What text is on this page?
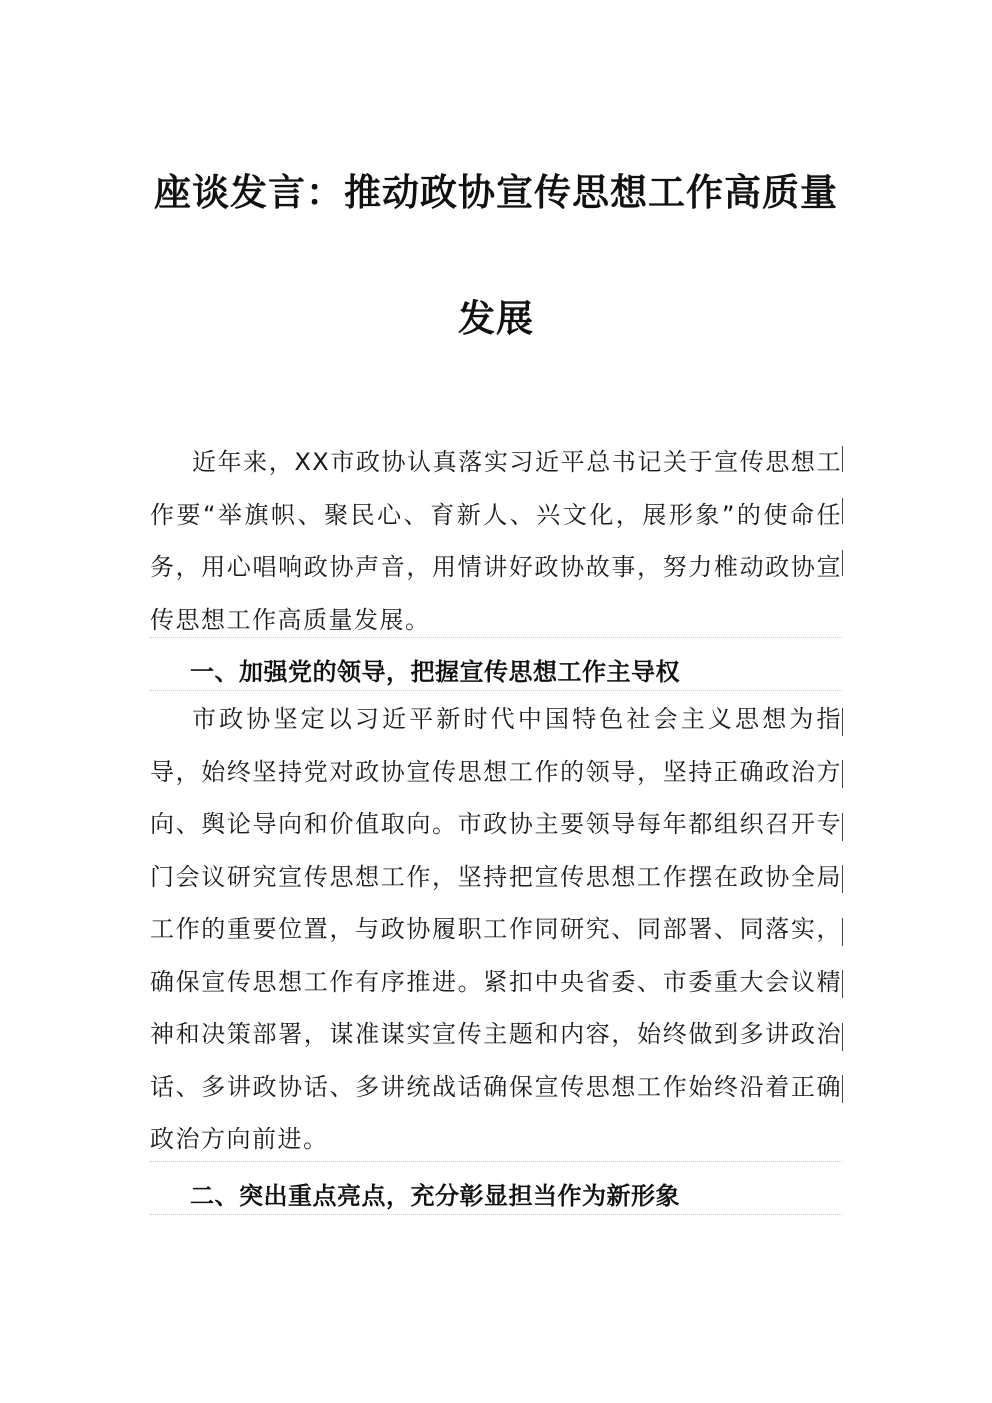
座谈发言：推动政协宣传思想工作高质量
发展

近年来，XX市政协认真落实习近平总书记关于宣传思想工作要“举旗帜、聚民心、育新人、兴文化，展形象”的使命任务，用心唱响政协声音，用情讲好政协故事，努力椎动政协宣传思想工作高质量发展。

一、加强党的领导，把握宣传思想工作主导权

市政协坚定以习近平新时代中国特色社会主义思想为指导，始终坚持党对政协宣传思想工作的领导，坚持正确政治方向、舆论导向和价值取向。市政协主要领导每年都组织召开专门会议研究宣传思想工作，坚持把宣传思想工作摆在政协全局工作的重要位置，与政协履职工作同研究、同部署、同落实，确保宣传思想工作有序推进。紧扣中央省委、市委重大会议精神和决策部署，谋准谋实宣传主题和内容，始终做到多讲政治话、多讲政协话、多讲统战话确保宣传思想工作始终沿着正确政治方向前进。

二、突出重点亮点，充分彰显担当作为新形象
